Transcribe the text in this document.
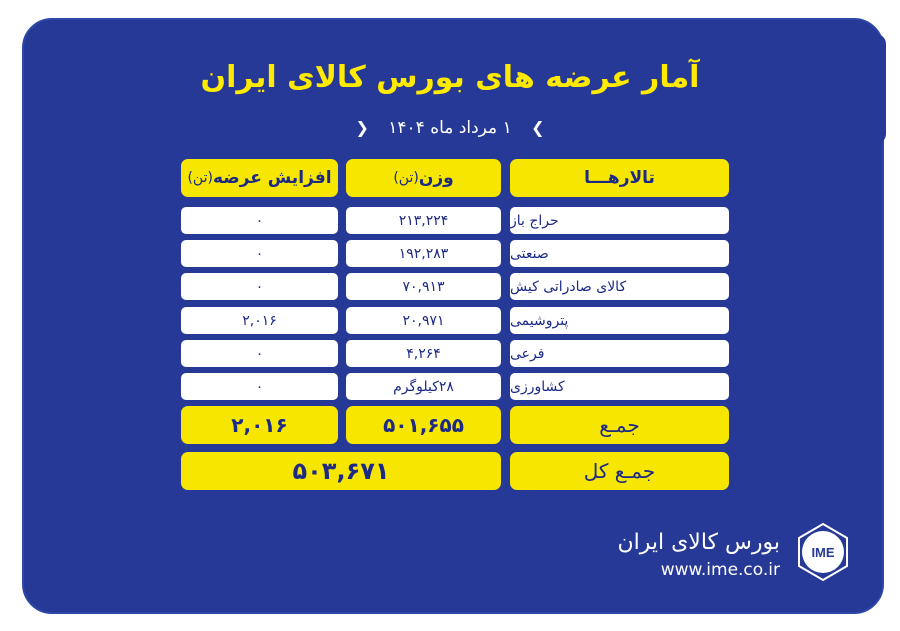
آمار عرضه های بورس کالای ایران
❯ ۱ مرداد ماه ۱۴۰۴ ❮
تالارهـــا
وزن
(تن)
افزایش عرضه
(تن)
حراج باز
۲۱۳,۲۲۴
۰
صنعتی
۱۹۲,۲۸۳
۰
کالای صادراتی کیش
۷۰,۹۱۳
۰
پتروشیمی
۲۰,۹۷۱
۲,۰۱۶
فرعی
۴,۲۶۴
۰
کشاورزی
۲۸کیلوگرم
۰
جمـع
۵۰۱,۶۵۵
۲,۰۱۶
جمـع کل
۵۰۳,۶۷۱
بورس کالای ایران
www.ime.co.ir
IME
